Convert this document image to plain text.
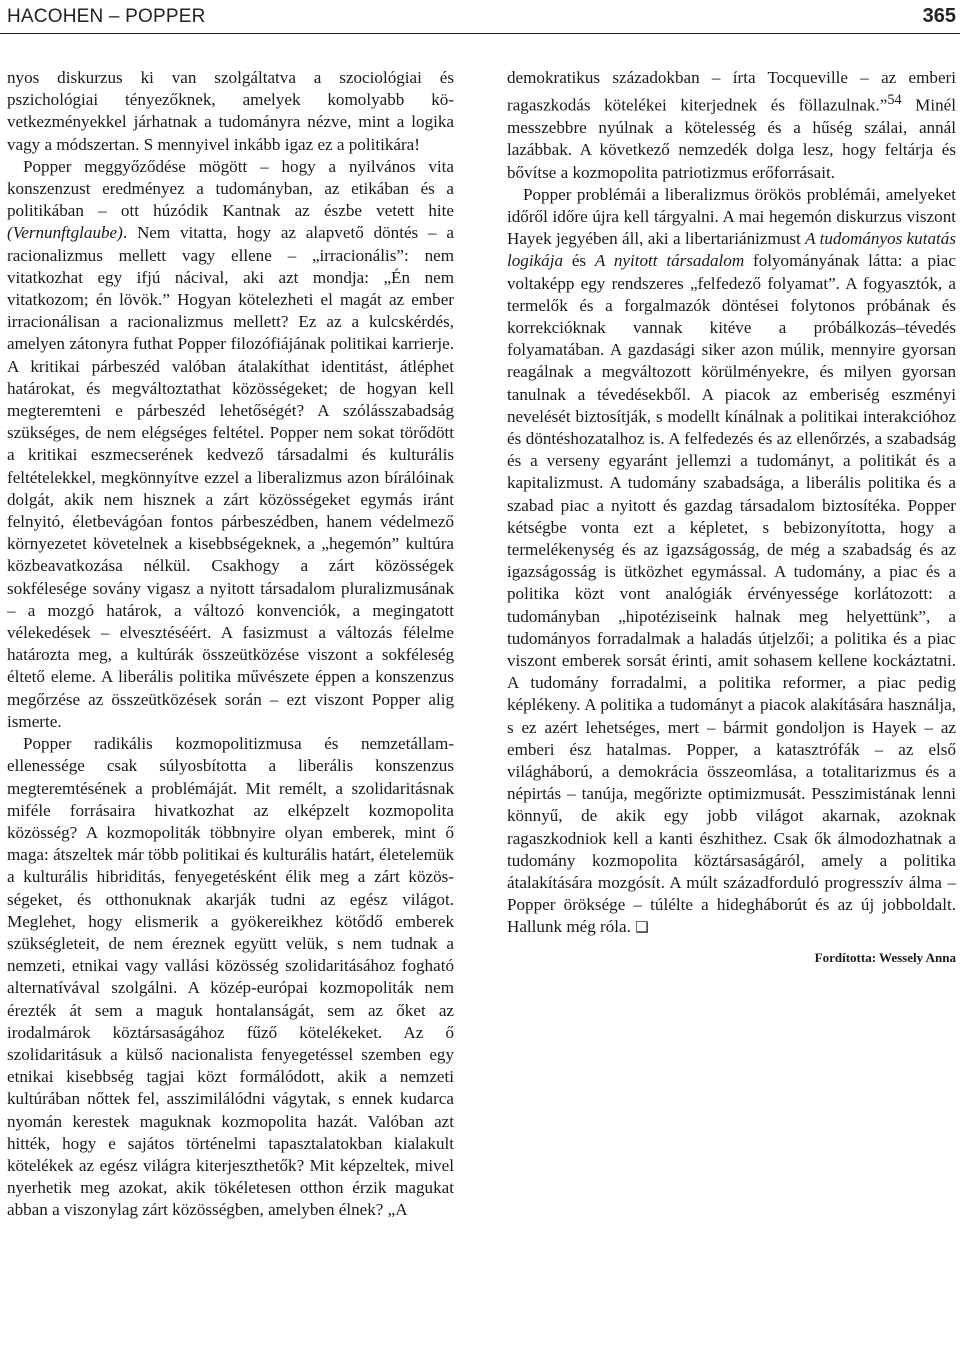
HACOHEN – POPPER	365

nyos diskurzus ki van szolgáltatva a szociológiai és pszichológiai tényezőknek, amelyek komolyabb következményekkel járhatnak a tudományra nézve, mint a logika vagy a módszertan. S mennyivel inkább igaz ez a politikára!

Popper meggyőződése mögött – hogy a nyilvános vita konszenzust eredményez a tudományban, az etikában és a politikában – ott húzódik Kantnak az észbe vetett hite (Vernunftglaube). Nem vitatta, hogy az alapvető döntés – a racionalizmus mellett vagy ellene – „irracionális”: nem vitatkozhat egy ifjú nácival, aki azt mondja: „Én nem vitatkozom; én lövök.” Hogyan kötelezheti el magát az ember irracionálisan a racionalizmus mellett? Ez az a kulcskérdés, amelyen zátonyra futhat Popper filozófiájának politikai karrierje. A kritikai párbeszéd valóban átalakíthat identitást, átléphet határokat, és megváltoztathat közösségeket; de hogyan kell megteremteni e párbeszéd lehetőségét? A szólásszabadság szükséges, de nem elégséges feltétel. Popper nem sokat törődött a kritikai eszmecserének kedvező társadalmi és kulturális feltételekkel, megkönnyítve ezzel a liberalizmus azon bírálóinak dolgát, akik nem hisznek a zárt közösségeket egymás iránt felnyitó, életbevágóan fontos párbeszédben, hanem védelmező környezetet követelnek a kisebbségeknek, a „hegemón” kultúra közbeavatkozása nélkül. Csakhogy a zárt közösségek sokfélesége sovány vigasz a nyitott társadalom pluralizmusának – a mozgó határok, a változó konvenciók, a megingatott vélekedések – elvesztéséért. A fasizmust a változás félelme határozta meg, a kultúrák összeütközése viszont a sokféleség éltető eleme. A liberális politika művészete éppen a konszenzus megőrzése az összeütközések során – ezt viszont Popper alig ismerte.

Popper radikális kozmopolitizmusa és nemzetállam-ellenessége csak súlyosbította a liberális konszenzus megteremtésének a problémáját. Mit remélt, a szolidaritásnak miféle forrásaira hivatkozhat az elképzelt kozmopolita közösség? A kozmopoliták többnyire olyan emberek, mint ő maga: átszeltek már több politikai és kulturális határt, életelemük a kulturális hibriditás, fenyegetésként élik meg a zárt közösségeket, és otthonuknak akarják tudni az egész világot. Meglehet, hogy elismerik a gyökereikhez kötődő emberek szükségleteit, de nem éreznek együtt velük, s nem tudnak a nemzeti, etnikai vagy vallási közösség szolidaritásához fogható alternatívával szolgálni. A közép-európai kozmopoliták nem érezték át sem a maguk hontalanságát, sem az őket az irodalmárok köztársaságához fűző kötelékeket. Az ő szolidaritásuk a külső nacionalista fenyegetéssel szemben egy etnikai kisebbség tagjai közt formálódott, akik a nemzeti kultúrában nőttek fel, asszimilálódni vágytak, s ennek kudarca nyomán kerestek maguknak kozmopolita hazát. Valóban azt hitték, hogy e sajátos történelmi tapasztalatokban kialakult kötelékek az egész világra kiterjeszthetők? Mit képzeltek, mivel nyerhetik meg azokat, akik tökéletesen otthon érzik magukat abban a viszonylag zárt közösségben, amelyben élnek? „A

demokratikus századokban – írta Tocqueville – az emberi ragaszkodás kötelékei kiterjednek és föllazulnak.”$^{54}$ Minél messzebbre nyúlnak a kötelesség és a hűség szálai, annál lazábbak. A következő nemzedék dolga lesz, hogy feltárja és bővítse a kozmopolita patriotizmus erőforrásait.

Popper problémái a liberalizmus örökös problémái, amelyeket időről időre újra kell tárgyalni. A mai hegemón diskurzus viszont Hayek jegyében áll, aki a libertariánizmust A tudományos kutatás logikája és A nyitott társadalom folyományának látta: a piac voltaképp egy rendszeres „felfedező folyamat”. A fogyasztók, a termelők és a forgalmazók döntései folytonos próbának és korrekcióknak vannak kitéve a próbálkozás–tévedés folyamatában. A gazdasági siker azon múlik, mennyire gyorsan reagálnak a megváltozott körülményekre, és milyen gyorsan tanulnak a tévedésekből. A piacok az emberiség eszményi nevelését biztosítják, s modellt kínálnak a politikai interakcióhoz és döntéshozatalhoz is. A felfedezés és az ellenőrzés, a szabadság és a verseny egyaránt jellemzi a tudományt, a politikát és a kapitalizmust. A tudomány szabadsága, a liberális politika és a szabad piac a nyitott és gazdag társadalom biztosítéka. Popper kétségbe vonta ezt a képletet, s bebizonyította, hogy a termelékenység és az igazságosság, de még a szabadság és az igazságosság is ütközhet egymással. A tudomány, a piac és a politika közt vont analógiák érvényessége korlátozott: a tudományban „hipotéziseink halnak meg helyettünk”, a tudományos forradalmak a haladás útjelzői; a politika és a piac viszont emberek sorsát érinti, amit sohasem kellene kockáztatni. A tudomány forradalmi, a politika reformer, a piac pedig képlékeny. A politika a tudományt a piacok alakítására használja, s ez azért lehetséges, mert – bármit gondoljon is Hayek – az emberi ész hatalmas. Popper, a katasztrófák – az első világháború, a demokrácia összeomlása, a totalitarizmus és a népirtás – tanúja, megőrizte optimizmusát. Pesszimistának lenni könnyű, de akik egy jobb világot akarnak, azoknak ragaszkodniok kell a kanti észhithez. Csak ők álmodozhatnak a tudomány kozmopolita köztársaságáról, amely a politika átalakítására mozgósít. A múlt századforduló progresszív álma – Popper öröksége – túlélte a hidegháborút és az új jobboldalt. Hallunk még róla. ❏

Fordította: Wessely Anna
